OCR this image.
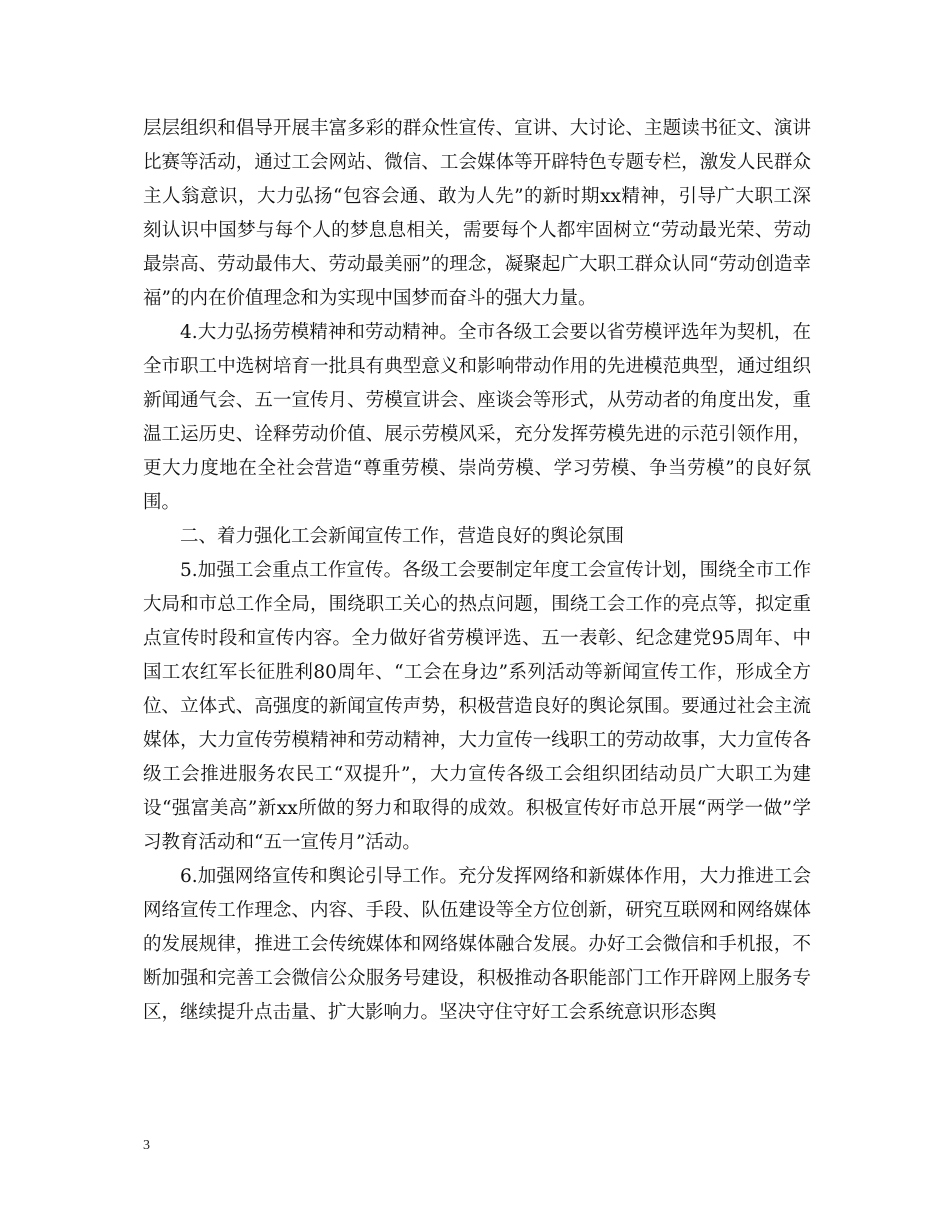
层层组织和倡导开展丰富多彩的群众性宣传、宣讲、大讨论、主题读书征文、演讲比赛等活动，通过工会网站、微信、工会媒体等开辟特色专题专栏，激发人民群众主人翁意识，大力弘扬“包容会通、敢为人先”的新时期xx精神，引导广大职工深刻认识中国梦与每个人的梦息息相关，需要每个人都牢固树立“劳动最光荣、劳动最崇高、劳动最伟大、劳动最美丽”的理念，凝聚起广大职工群众认同“劳动创造幸福”的内在价值理念和为实现中国梦而奋斗的强大力量。

4.大力弘扬劳模精神和劳动精神。全市各级工会要以省劳模评选年为契机，在全市职工中选树培育一批具有典型意义和影响带动作用的先进模范典型，通过组织新闻通气会、五一宣传月、劳模宣讲会、座谈会等形式，从劳动者的角度出发，重温工运历史、诠释劳动价值、展示劳模风采，充分发挥劳模先进的示范引领作用，更大力度地在全社会营造“尊重劳模、崇尚劳模、学习劳模、争当劳模”的良好氛围。

二、着力强化工会新闻宣传工作，营造良好的舆论氛围

5.加强工会重点工作宣传。各级工会要制定年度工会宣传计划，围绕全市工作大局和市总工作全局，围绕职工关心的热点问题，围绕工会工作的亮点等，拟定重点宣传时段和宣传内容。全力做好省劳模评选、五一表彰、纪念建党95周年、中国工农红军长征胜利80周年、“工会在身边”系列活动等新闻宣传工作，形成全方位、立体式、高强度的新闻宣传声势，积极营造良好的舆论氛围。要通过社会主流媒体，大力宣传劳模精神和劳动精神，大力宣传一线职工的劳动故事，大力宣传各级工会推进服务农民工“双提升”，大力宣传各级工会组织团结动员广大职工为建设“强富美高”新xx所做的努力和取得的成效。积极宣传好市总开展“两学一做”学习教育活动和“五一宣传月”活动。

6.加强网络宣传和舆论引导工作。充分发挥网络和新媒体作用，大力推进工会网络宣传工作理念、内容、手段、队伍建设等全方位创新，研究互联网和网络媒体的发展规律，推进工会传统媒体和网络媒体融合发展。办好工会微信和手机报，不断加强和完善工会微信公众服务号建设，积极推动各职能部门工作开辟网上服务专区，继续提升点击量、扩大影响力。坚决守住守好工会系统意识形态舆

3
